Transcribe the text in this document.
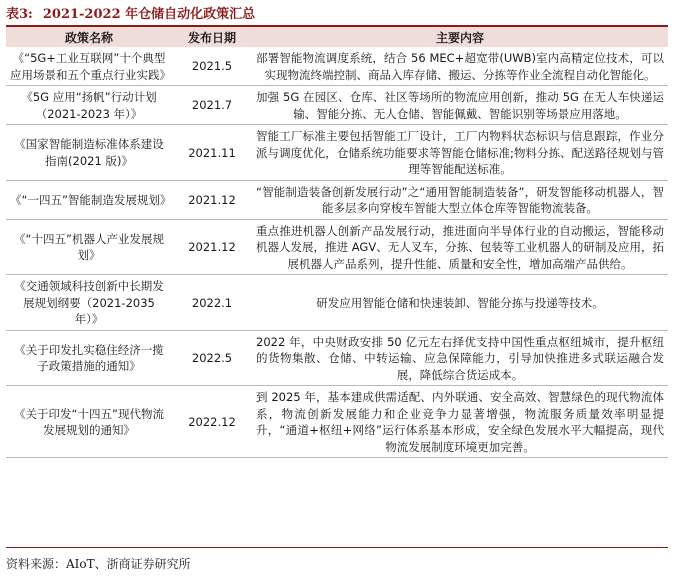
表3: 2021-2022 年仓储自动化政策汇总
政策名称	发布日期	主要内容
《“5G+工业互联网”十个典型应用场景和五个重点行业实践》	2021.5	部署智能物流调度系统，结合 56 MEC+超宽带(UWB)室内高精定位技术，可以实现物流终端控制、商品入库存储、搬运、分拣等作业全流程自动化智能化。
《5G 应用“扬帆”行动计划（2021-2023 年）》	2021.7	加强 5G 在园区、仓库、社区等场所的物流应用创新，推动 5G 在无人车快递运输、智能分拣、无人仓储、智能佩戴、智能识别等场景应用落地。
《国家智能制造标准体系建设指南(2021 版)》	2021.11	智能工厂标准主要包括智能工厂设计，工厂内物料状态标识与信息跟踪，作业分派与调度优化，仓储系统功能要求等智能仓储标准;物料分拣、配送路径规划与管理等智能配送标准。
《“一四五”智能制造发展规划》	2021.12	“智能制造装备创新发展行动”之“通用智能制造装备”，研发智能移动机器人，智能多层多向穿梭车智能大型立体仓库等智能物流装备。
《“十四五”机器人产业发展规划》	2021.12	重点推进机器人创新产品发展行动，推进面向半导体行业的自动搬运，智能移动机器人发展，推进 AGV、无人叉车，分拣、包装等工业机器人的研制及应用，拓展机器人产品系列，提升性能、质量和安全性，增加高端产品供给。
《交通领域科技创新中长期发展规划纲要（2021-2035 年）》	2022.1	研发应用智能仓储和快速装卸、智能分拣与投递等技术。
《关于印发扎实稳住经济一揽子政策措施的通知》	2022.5	2022 年，中央财政安排 50 亿元左右择优支持中国性重点枢纽城市，提升枢纽的货物集散、仓储、中转运输、应急保障能力，引导加快推进多式联运融合发展，降低综合货运成本。
《关于印发“十四五”现代物流发展规划的通知》	2022.12	到 2025 年，基本建成供需适配、内外联通、安全高效、智慧绿色的现代物流体系，物流创新发展能力和企业竞争力显著增强，物流服务质量效率明显提升，“通道+枢纽+网络”运行体系基本形成，安全绿色发展水平大幅提高，现代物流发展制度环境更加完善。
资料来源：AIoT、浙商证券研究所
